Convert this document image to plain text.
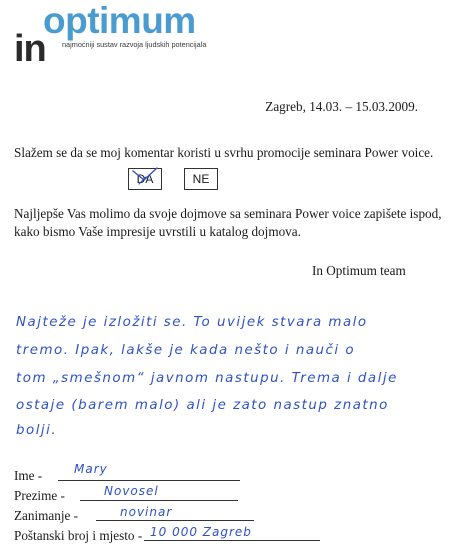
in
optimum
najmoćniji sustav razvoja ljudskih potencijala
Zagreb, 14.03. – 15.03.2009.
Slažem se da se moj komentar koristi u svrhu promocije seminara Power voice.
DA	NE
Najljepše Vas molimo da svoje dojmove sa seminara Power voice zapišete ispod,
kako bismo Vaše impresije uvrstili u katalog dojmova.
In Optimum team
Najteže je izložiti se. To uvijek stvara malo
tremo. Ipak, lakše je kada nešto i nauči o
tom „smešnom“ javnom nastupu. Trema i dalje
ostaje (barem malo) ali je zato nastup znatno
bolji.
Ime -	Mary
Prezime -	Novosel
Zanimanje -	novinar
Poštanski broj i mjesto - 10 000 Zagreb
